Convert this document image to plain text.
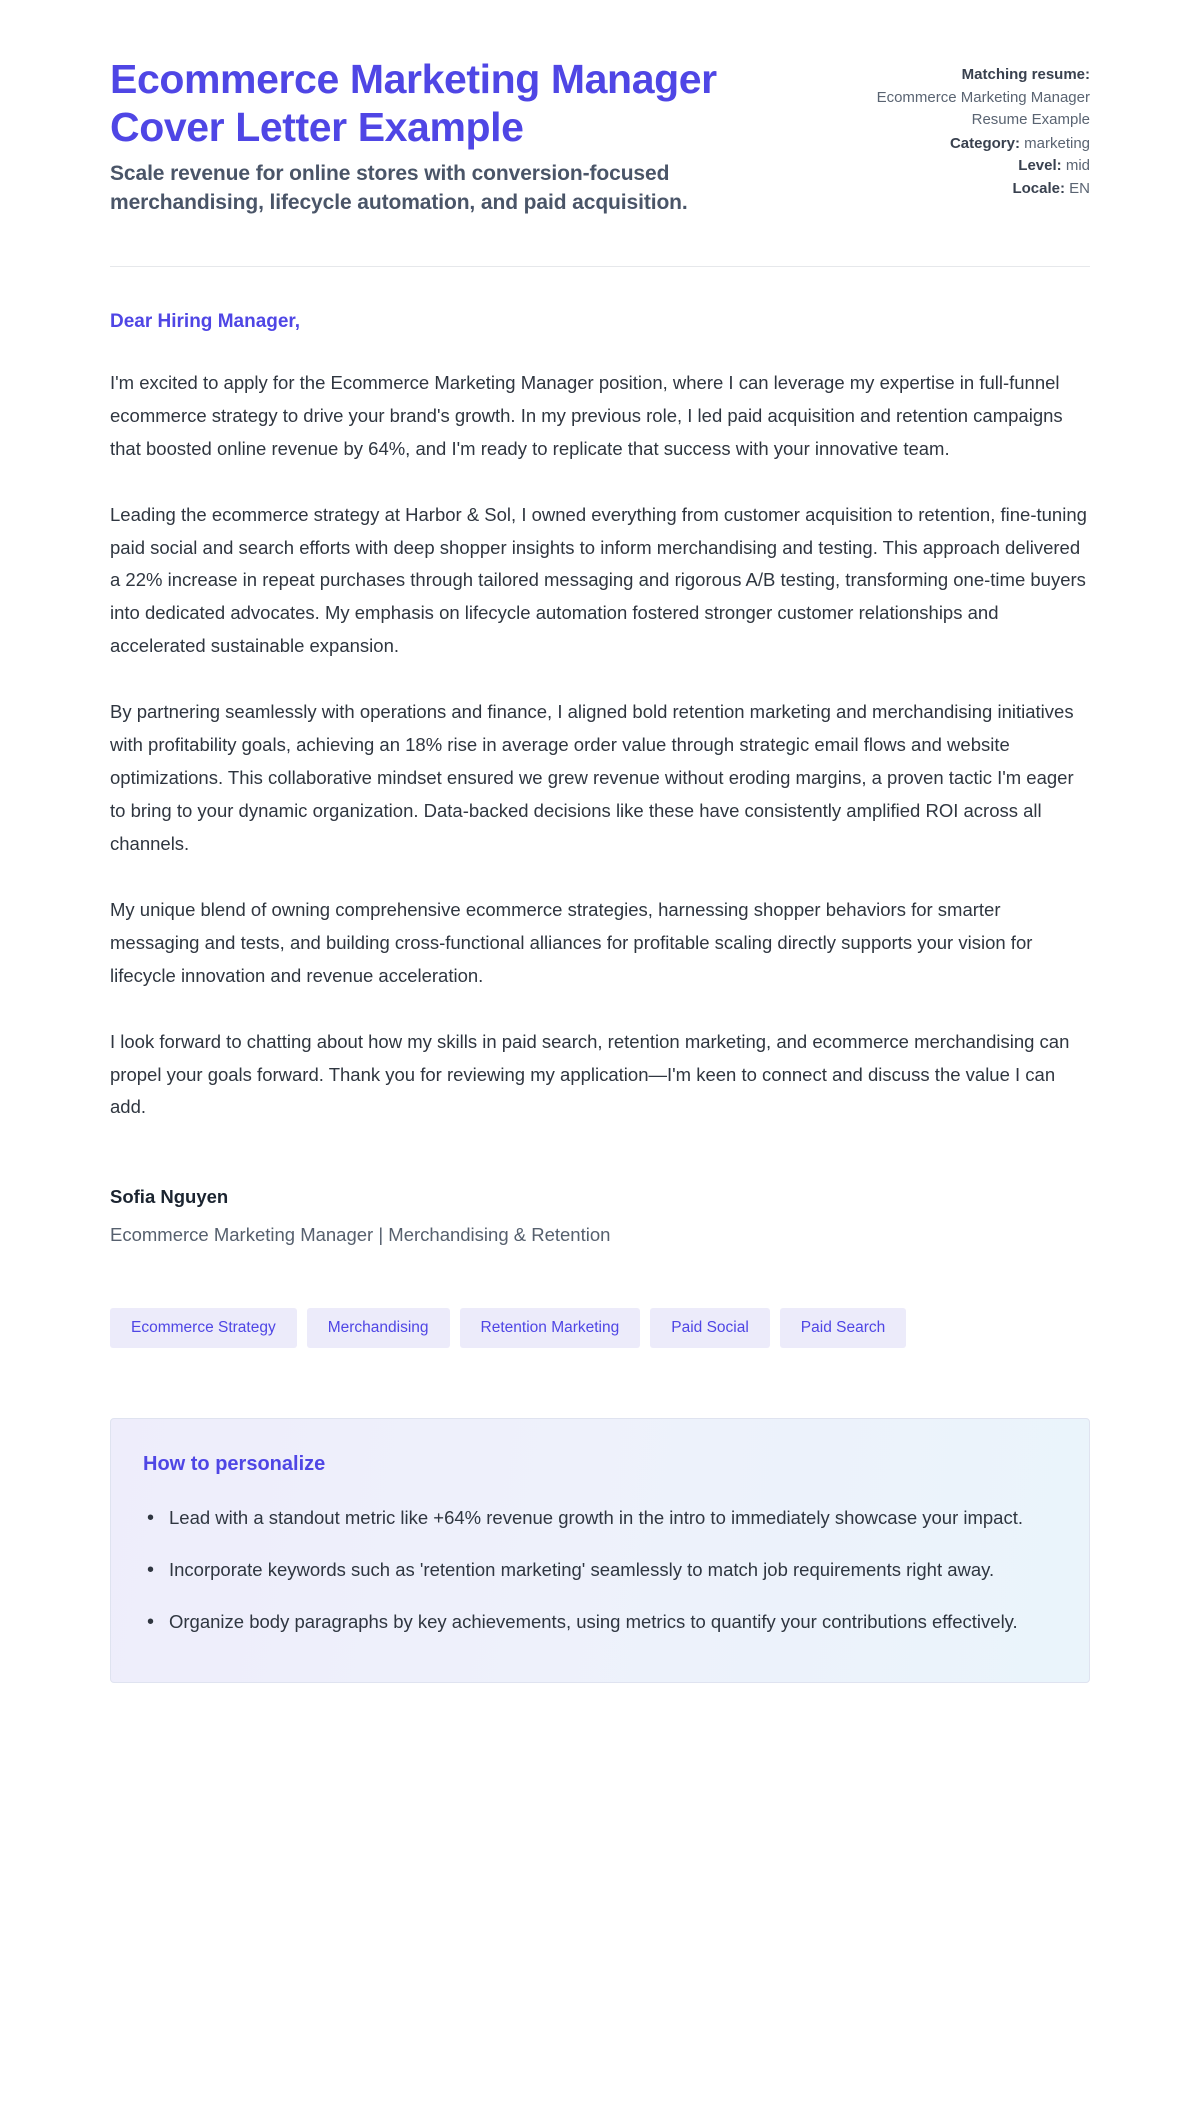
Ecommerce Marketing Manager Cover Letter Example

Scale revenue for online stores with conversion-focused merchandising, lifecycle automation, and paid acquisition.

Matching resume:
Ecommerce Marketing Manager Resume Example
Category: marketing
Level: mid
Locale: EN
Dear Hiring Manager,

I'm excited to apply for the Ecommerce Marketing Manager position, where I can leverage my expertise in full-funnel ecommerce strategy to drive your brand's growth. In my previous role, I led paid acquisition and retention campaigns that boosted online revenue by 64%, and I'm ready to replicate that success with your innovative team.

Leading the ecommerce strategy at Harbor & Sol, I owned everything from customer acquisition to retention, fine-tuning paid social and search efforts with deep shopper insights to inform merchandising and testing. This approach delivered a 22% increase in repeat purchases through tailored messaging and rigorous A/B testing, transforming one-time buyers into dedicated advocates. My emphasis on lifecycle automation fostered stronger customer relationships and accelerated sustainable expansion.

By partnering seamlessly with operations and finance, I aligned bold retention marketing and merchandising initiatives with profitability goals, achieving an 18% rise in average order value through strategic email flows and website optimizations. This collaborative mindset ensured we grew revenue without eroding margins, a proven tactic I'm eager to bring to your dynamic organization. Data-backed decisions like these have consistently amplified ROI across all channels.

My unique blend of owning comprehensive ecommerce strategies, harnessing shopper behaviors for smarter messaging and tests, and building cross-functional alliances for profitable scaling directly supports your vision for lifecycle innovation and revenue acceleration.

I look forward to chatting about how my skills in paid search, retention marketing, and ecommerce merchandising can propel your goals forward. Thank you for reviewing my application—I'm keen to connect and discuss the value I can add.

Sofia Nguyen
Ecommerce Marketing Manager | Merchandising & Retention
Ecommerce Strategy	Merchandising	Retention Marketing	Paid Social	Paid Search
How to personalize
• Lead with a standout metric like +64% revenue growth in the intro to immediately showcase your impact.
• Incorporate keywords such as 'retention marketing' seamlessly to match job requirements right away.
• Organize body paragraphs by key achievements, using metrics to quantify your contributions effectively.
